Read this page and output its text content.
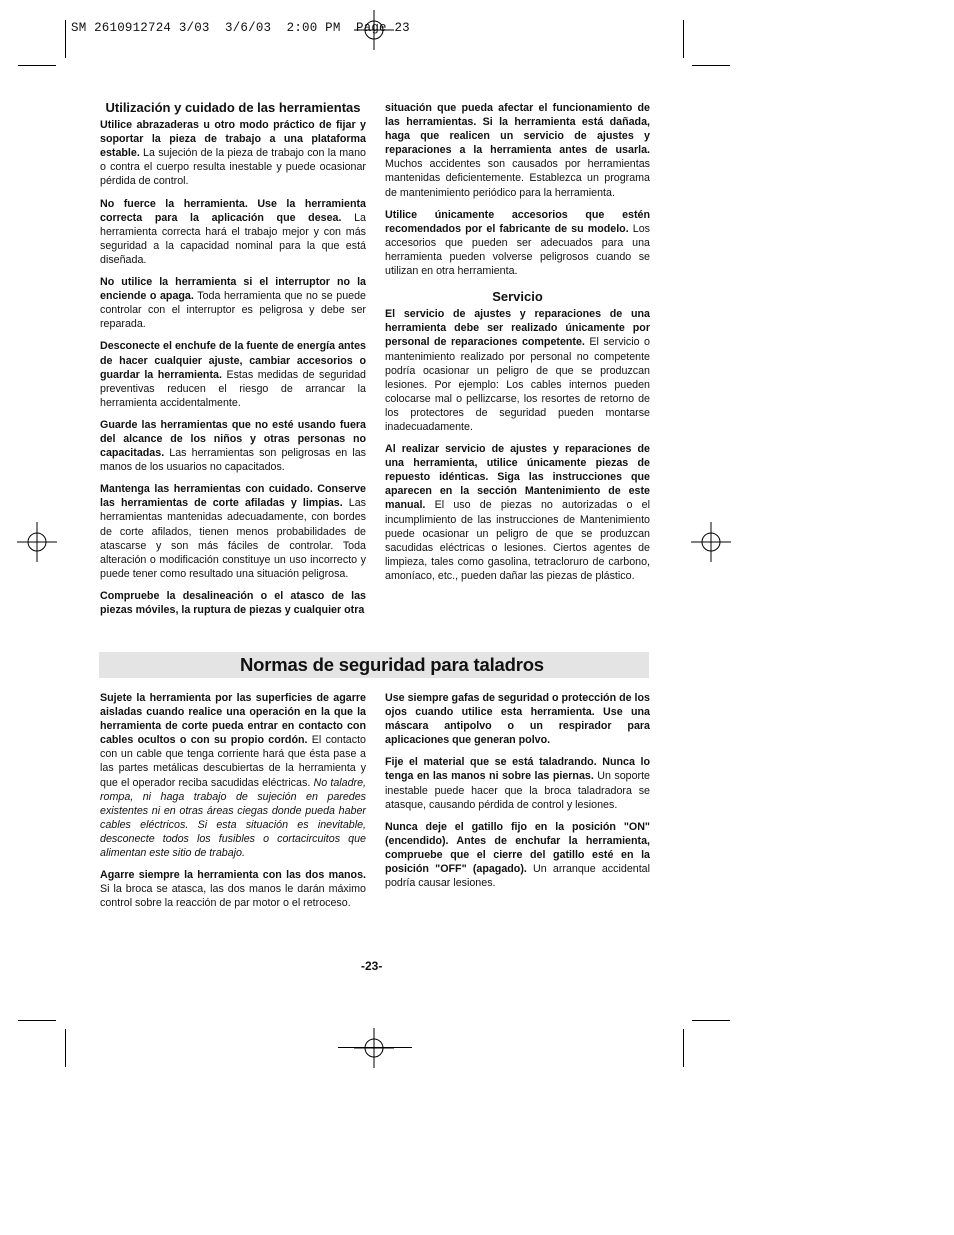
SM 2610912724 3/03  3/6/03  2:00 PM  Page 23
Utilización y cuidado de las herramientas

Utilice abrazaderas u otro modo práctico de fijar y soportar la pieza de trabajo a una plataforma estable. La sujeción de la pieza de trabajo con la mano o contra el cuerpo resulta inestable y puede ocasionar pérdida de control.

No fuerce la herramienta. Use la herramienta correcta para la aplicación que desea. La herramienta correcta hará el trabajo mejor y con más seguridad a la capacidad nominal para la que está diseñada.

No utilice la herramienta si el interruptor no la enciende o apaga. Toda herramienta que no se puede controlar con el interruptor es peligrosa y debe ser reparada.

Desconecte el enchufe de la fuente de energía antes de hacer cualquier ajuste, cambiar accesorios o guardar la herramienta. Estas medidas de seguridad preventivas reducen el riesgo de arrancar la herramienta accidentalmente.

Guarde las herramientas que no esté usando fuera del alcance de los niños y otras personas no capacitadas. Las herramientas son peligrosas en las manos de los usuarios no capacitados.

Mantenga las herramientas con cuidado. Conserve las herramientas de corte afiladas y limpias. Las herramientas mantenidas adecuadamente, con bordes de corte afilados, tienen menos probabilidades de atascarse y son más fáciles de controlar. Toda alteración o modificación constituye un uso incorrecto y puede tener como resultado una situación peligrosa.

Compruebe la desalineación o el atasco de las piezas móviles, la ruptura de piezas y cualquier otra

situación que pueda afectar el funcionamiento de las herramientas. Si la herramienta está dañada, haga que realicen un servicio de ajustes y reparaciones a la herramienta antes de usarla. Muchos accidentes son causados por herramientas mantenidas deficientemente. Establezca un programa de mantenimiento periódico para la herramienta.

Utilice únicamente accesorios que estén recomendados por el fabricante de su modelo. Los accesorios que pueden ser adecuados para una herramienta pueden volverse peligrosos cuando se utilizan en otra herramienta.

Servicio

El servicio de ajustes y reparaciones de una herramienta debe ser realizado únicamente por personal de reparaciones competente. El servicio o mantenimiento realizado por personal no competente podría ocasionar un peligro de que se produzcan lesiones. Por ejemplo: Los cables internos pueden colocarse mal o pellizcarse, los resortes de retorno de los protectores de seguridad pueden montarse inadecuadamente.

Al realizar servicio de ajustes y reparaciones de una herramienta, utilice únicamente piezas de repuesto idénticas. Siga las instrucciones que aparecen en la sección Mantenimiento de este manual. El uso de piezas no autorizadas o el incumplimiento de las instrucciones de Mantenimiento puede ocasionar un peligro de que se produzcan sacudidas eléctricas o lesiones. Ciertos agentes de limpieza, tales como gasolina, tetracloruro de carbono, amoníaco, etc., pueden dañar las piezas de plástico.

Normas de seguridad para taladros

Sujete la herramienta por las superficies de agarre aisladas cuando realice una operación en la que la herramienta de corte pueda entrar en contacto con cables ocultos o con su propio cordón. El contacto con un cable que tenga corriente hará que ésta pase a las partes metálicas descubiertas de la herramienta y que el operador reciba sacudidas eléctricas. No taladre, rompa, ni haga trabajo de sujeción en paredes existentes ni en otras áreas ciegas donde pueda haber cables eléctricos. Si esta situación es inevitable, desconecte todos los fusibles o cortacircuitos que alimentan este sitio de trabajo.

Agarre siempre la herramienta con las dos manos. Si la broca se atasca, las dos manos le darán máximo control sobre la reacción de par motor o el retroceso.

Use siempre gafas de seguridad o protección de los ojos cuando utilice esta herramienta. Use una máscara antipolvo o un respirador para aplicaciones que generan polvo.

Fije el material que se está taladrando. Nunca lo tenga en las manos ni sobre las piernas. Un soporte inestable puede hacer que la broca taladradora se atasque, causando pérdida de control y lesiones.

Nunca deje el gatillo fijo en la posición "ON" (encendido). Antes de enchufar la herramienta, compruebe que el cierre del gatillo esté en la posición "OFF" (apagado). Un arranque accidental podría causar lesiones.

-23-
